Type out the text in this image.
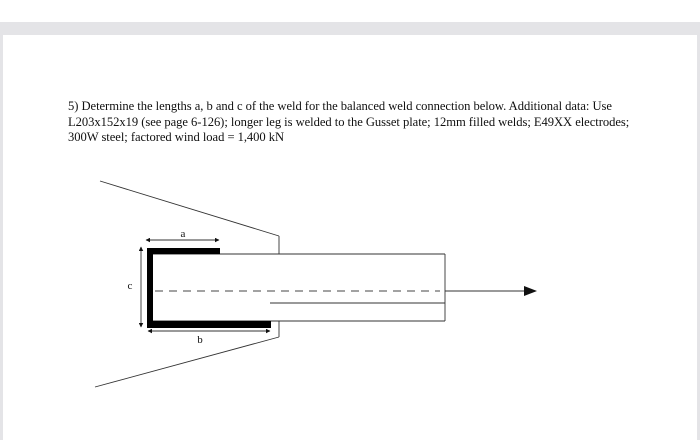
5) Determine the lengths a, b and c of the weld for the balanced weld connection below. Additional data: Use L203x152x19 (see page 6-126); longer leg is welded to the Gusset plate; 12mm filled welds; E49XX electrodes; 300W steel; factored wind load = 1,400 kN

a
c
b
